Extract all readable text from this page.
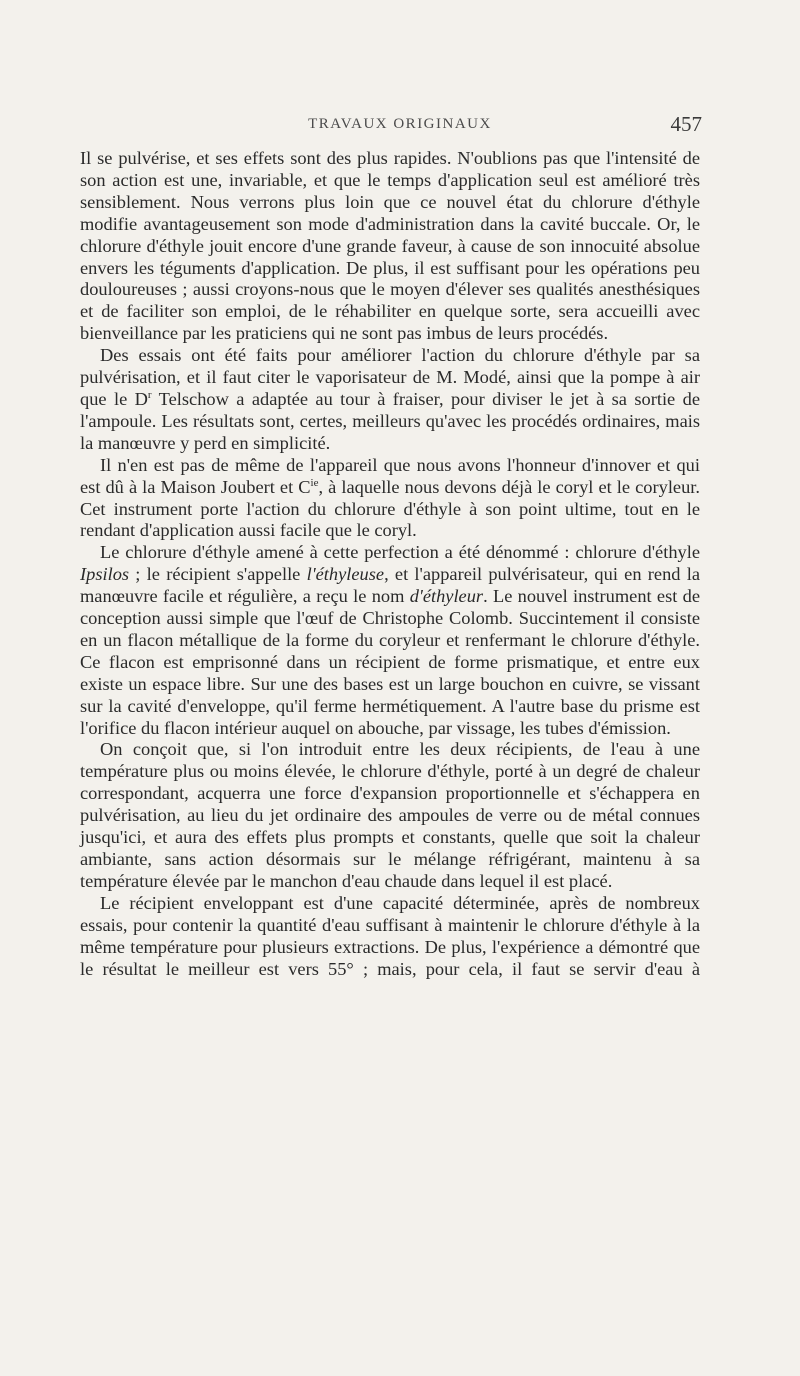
TRAVAUX ORIGINAUX	457

Il se pulvérise, et ses effets sont des plus rapides. N'oublions pas que l'intensité de son action est une, invariable, et que le temps d'application seul est amélioré très sensiblement. Nous verrons plus loin que ce nouvel état du chlorure d'éthyle modifie avantageusement son mode d'administration dans la cavité buccale. Or, le chlorure d'éthyle jouit encore d'une grande faveur, à cause de son innocuité absolue envers les téguments d'application. De plus, il est suffisant pour les opérations peu douloureuses ; aussi croyons-nous que le moyen d'élever ses qualités anesthésiques et de faciliter son emploi, de le réhabiliter en quelque sorte, sera accueilli avec bienveillance par les praticiens qui ne sont pas imbus de leurs procédés.

Des essais ont été faits pour améliorer l'action du chlorure d'éthyle par sa pulvérisation, et il faut citer le vaporisateur de M. Modé, ainsi que la pompe à air que le $D^r$ Telschow a adaptée au tour à fraiser, pour diviser le jet à sa sortie de l'ampoule. Les résultats sont, certes, meilleurs qu'avec les procédés ordinaires, mais la manœuvre y perd en simplicité.

Il n'en est pas de même de l'appareil que nous avons l'honneur d'innover et qui est dû à la Maison Joubert et $C^{ie}$, à laquelle nous devons déjà le coryl et le coryleur. Cet instrument porte l'action du chlorure d'éthyle à son point ultime, tout en le rendant d'application aussi facile que le coryl.

Le chlorure d'éthyle amené à cette perfection a été dénommé : chlorure d'éthyle Ipsilos ; le récipient s'appelle l'éthyleuse, et l'appareil pulvérisateur, qui en rend la manœuvre facile et régulière, a reçu le nom d'éthyleur. Le nouvel instrument est de conception aussi simple que l'œuf de Christophe Colomb. Succintement il consiste en un flacon métallique de la forme du coryleur et renfermant le chlorure d'éthyle. Ce flacon est emprisonné dans un récipient de forme prismatique, et entre eux existe un espace libre. Sur une des bases est un large bouchon en cuivre, se vissant sur la cavité d'enveloppe, qu'il ferme hermétiquement. A l'autre base du prisme est l'orifice du flacon intérieur auquel on abouche, par vissage, les tubes d'émission.

On conçoit que, si l'on introduit entre les deux récipients, de l'eau à une température plus ou moins élevée, le chlorure d'éthyle, porté à un degré de chaleur correspondant, acquerra une force d'expansion proportionnelle et s'échappera en pulvérisation, au lieu du jet ordinaire des ampoules de verre ou de métal connues jusqu'ici, et aura des effets plus prompts et constants, quelle que soit la chaleur ambiante, sans action désormais sur le mélange réfrigérant, maintenu à sa température élevée par le manchon d'eau chaude dans lequel il est placé.

Le récipient enveloppant est d'une capacité déterminée, après de nombreux essais, pour contenir la quantité d'eau suffisant à maintenir le chlorure d'éthyle à la même température pour plusieurs extractions. De plus, l'expérience a démontré que le résultat le meilleur est vers 55° ; mais, pour cela, il faut se servir d'eau à
